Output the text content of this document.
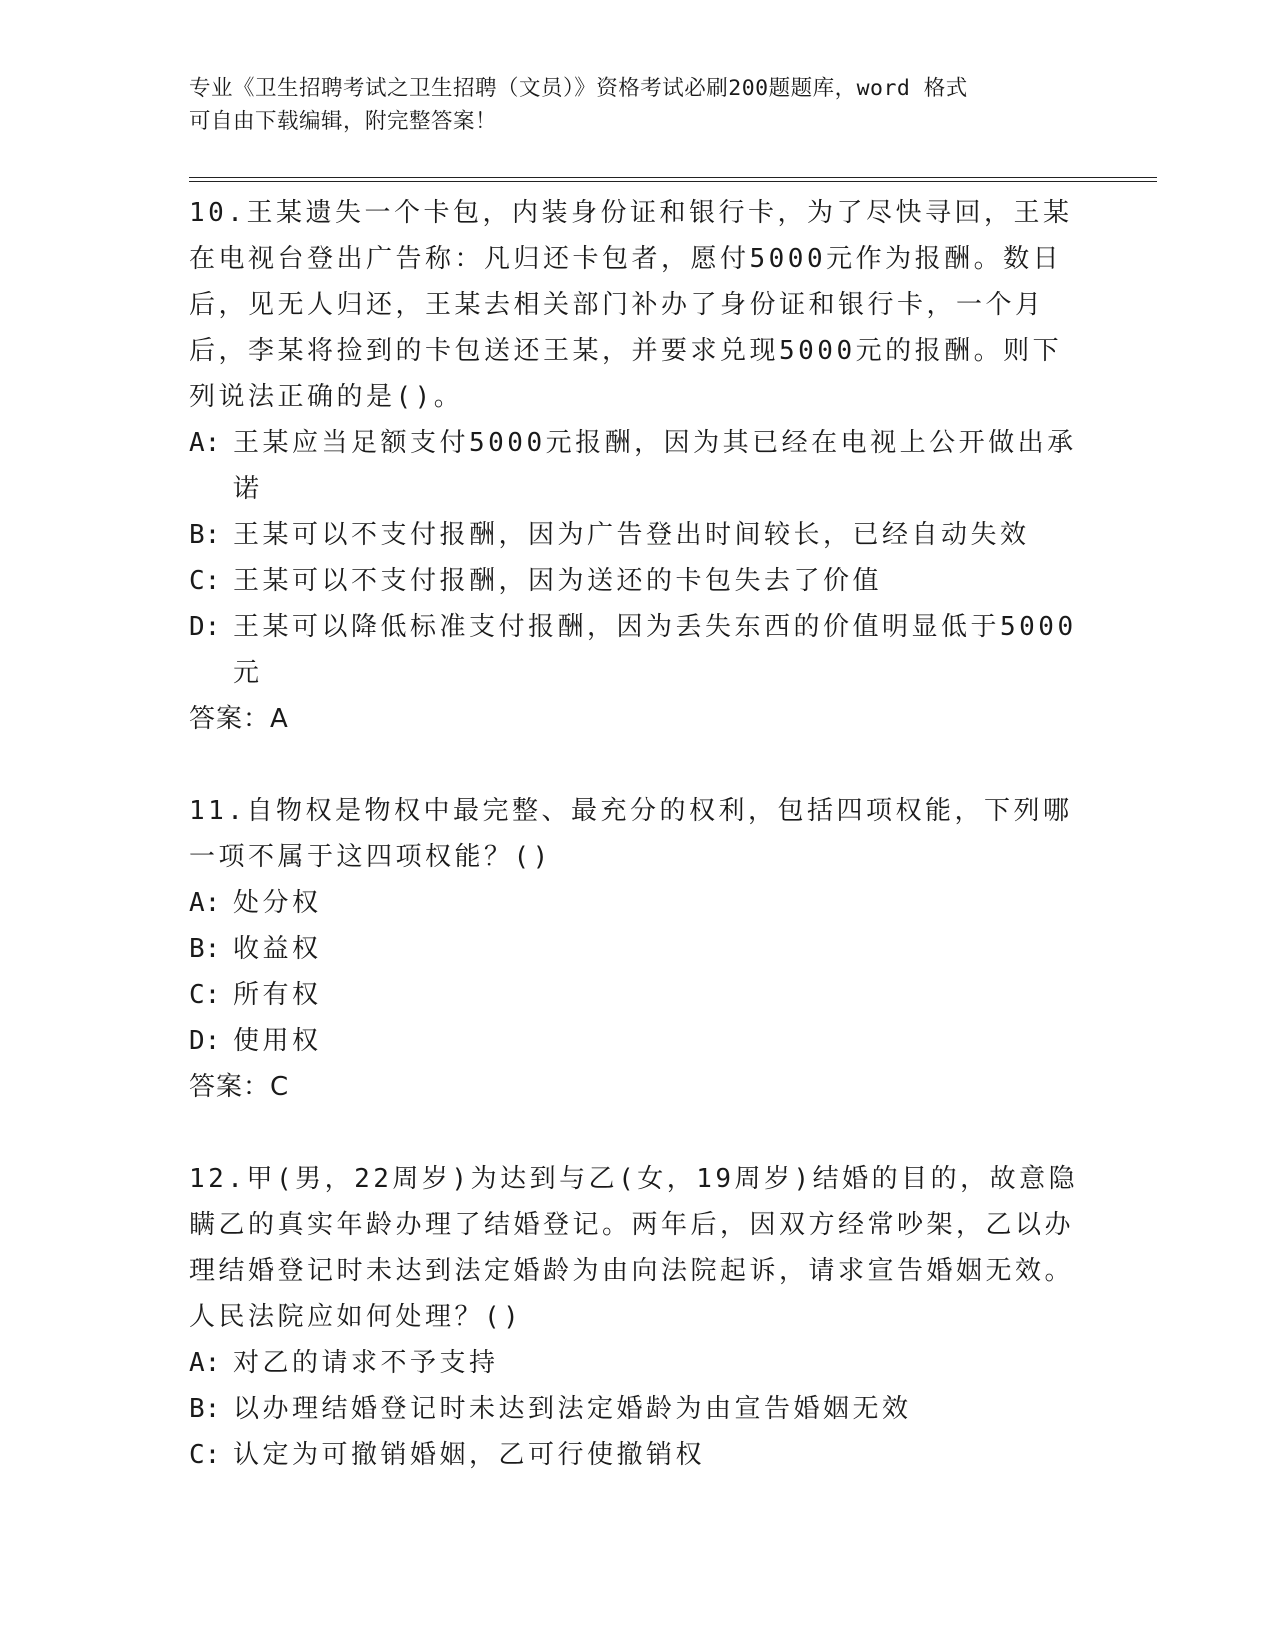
专业《卫生招聘考试之卫生招聘（文员）》资格考试必刷200题题库，word 格式
可自由下载编辑，附完整答案！

10.王某遗失一个卡包，内装身份证和银行卡，为了尽快寻回，王某在电视台登出广告称：凡归还卡包者，愿付5000元作为报酬。数日后，见无人归还，王某去相关部门补办了身份证和银行卡，一个月后，李某将捡到的卡包送还王某，并要求兑现5000元的报酬。则下列说法正确的是()。

A: 王某应当足额支付5000元报酬，因为其已经在电视上公开做出承诺
B: 王某可以不支付报酬，因为广告登出时间较长，已经自动失效
C: 王某可以不支付报酬，因为送还的卡包失去了价值
D: 王某可以降低标准支付报酬，因为丢失东西的价值明显低于5000元

答案：A

11.自物权是物权中最完整、最充分的权利，包括四项权能，下列哪一项不属于这四项权能？()

A: 处分权
B: 收益权
C: 所有权
D: 使用权

答案：C

12.甲(男，22周岁)为达到与乙(女，19周岁)结婚的目的，故意隐瞒乙的真实年龄办理了结婚登记。两年后，因双方经常吵架，乙以办理结婚登记时未达到法定婚龄为由向法院起诉，请求宣告婚姻无效。人民法院应如何处理？()

A: 对乙的请求不予支持
B: 以办理结婚登记时未达到法定婚龄为由宣告婚姻无效
C: 认定为可撤销婚姻，乙可行使撤销权
